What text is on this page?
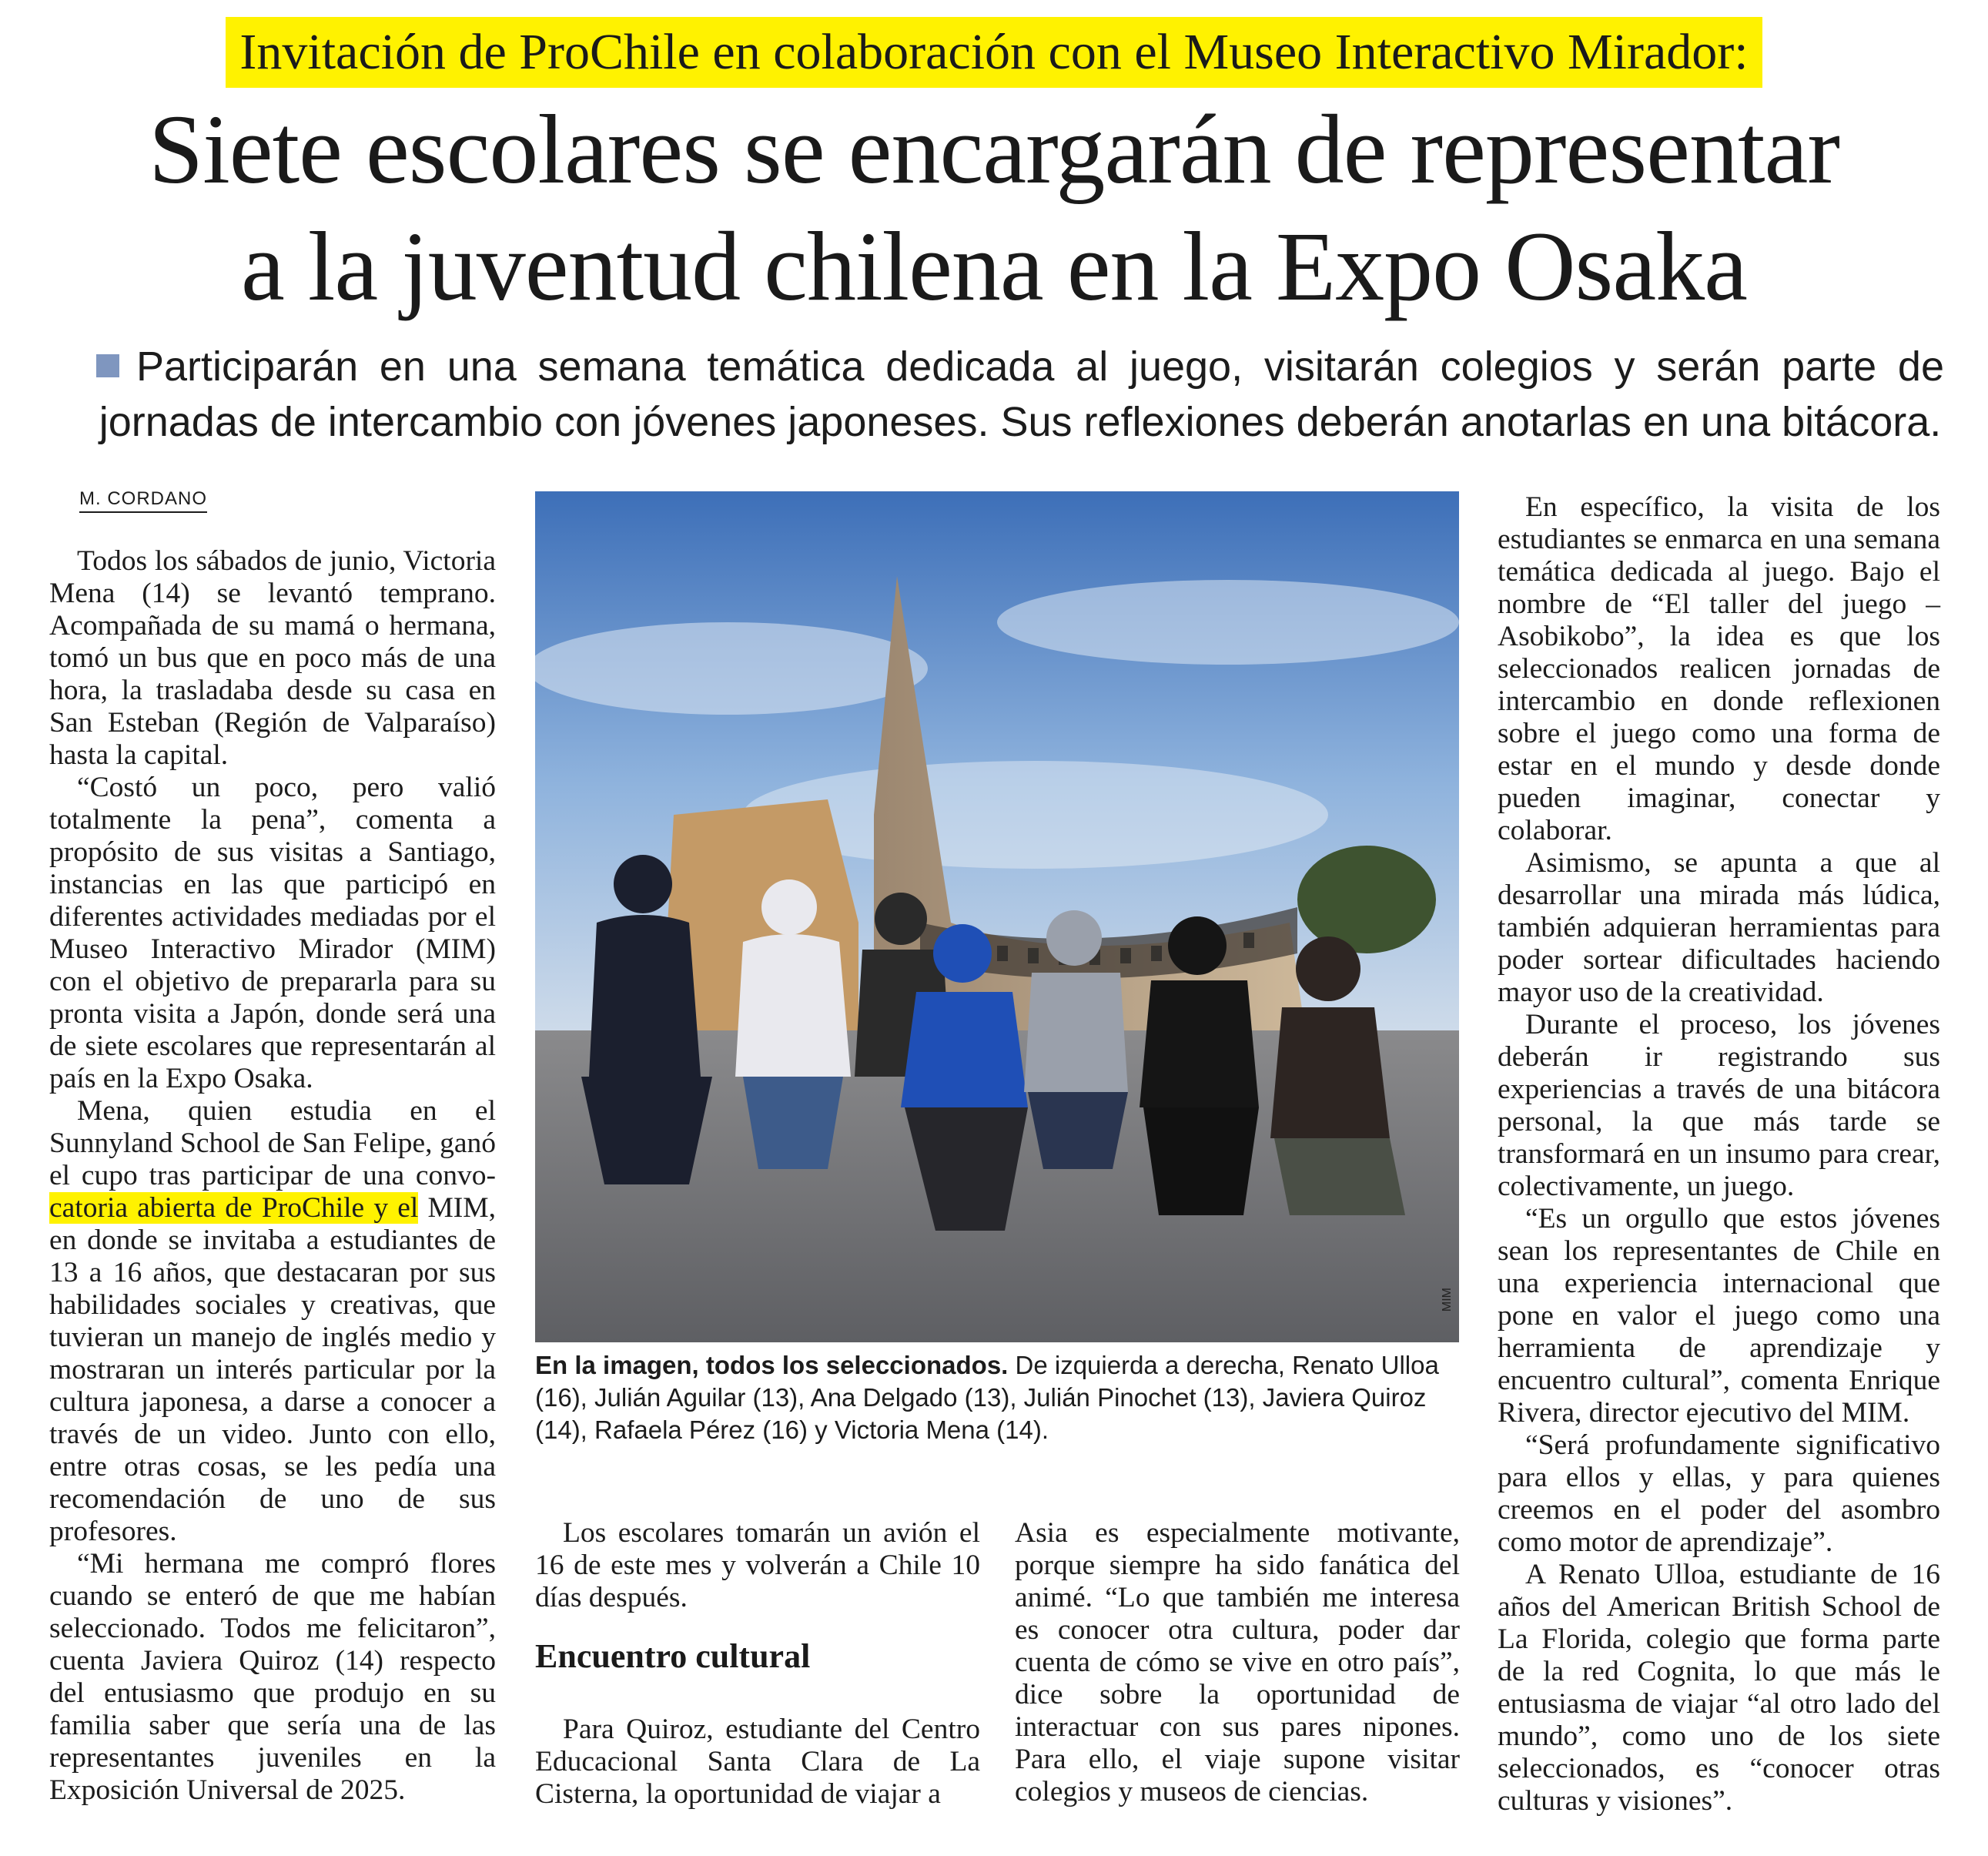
Invitación de ProChile en colaboración con el Museo Interactivo Mirador:
Siete escolares se encargarán de representar
a la juventud chilena en la Expo Osaka

Participarán en una semana temática dedicada al juego, visitarán colegios y serán parte de jornadas de intercambio con jóvenes japoneses. Sus reflexiones deberán anotarlas en una bitácora.

M. CORDANO

Todos los sábados de junio, Victoria Mena (14) se levantó temprano. Acompañada de su mamá o hermana, tomó un bus que en poco más de una hora, la trasladaba desde su casa en San Esteban (Región de Valparaíso) hasta la capital.

“Costó un poco, pero valió totalmente la pena”, comenta a propósito de sus visitas a Santiago, instancias en las que participó en diferentes actividades mediadas por el Museo Interactivo Mirador (MIM) con el objetivo de prepararla para su pronta visita a Japón, donde será una de siete escolares que representarán al país en la Expo Osaka.

Mena, quien estudia en el Sunnyland School de San Felipe, ganó el cupo tras participar de una convo- catoria abierta de ProChile y el MIM, en donde se invitaba a estudiantes de 13 a 16 años, que destacaran por sus habilidades sociales y creativas, que tuvieran un manejo de inglés medio y mostraran un interés particular por la cultura japonesa, a darse a conocer a través de un video. Junto con ello, entre otras cosas, se les pedía una recomendación de uno de sus profesores.

“Mi hermana me compró flores cuando se enteró de que me habían seleccionado. Todos me felicitaron”, cuenta Javiera Quiroz (14) respecto del entusiasmo que produjo en su familia saber que sería una de las representantes juveniles en la Exposición Universal de 2025.

MIM

En la imagen, todos los seleccionados. De izquierda a derecha, Renato Ulloa (16), Julián Aguilar (13), Ana Delgado (13), Julián Pinochet (13), Javiera Quiroz (14), Rafaela Pérez (16) y Victoria Mena (14).

Los escolares tomarán un avión el 16 de este mes y volverán a Chile 10 días después.

Encuentro cultural

Para Quiroz, estudiante del Centro Educacional Santa Clara de La Cisterna, la oportunidad de viajar a

Asia es especialmente motivante, porque siempre ha sido fanática del animé. “Lo que también me interesa es conocer otra cultura, poder dar cuenta de cómo se vive en otro país”, dice sobre la oportunidad de interactuar con sus pares nipones. Para ello, el viaje supone visitar colegios y museos de ciencias.

En específico, la visita de los estudiantes se enmarca en una semana temática dedicada al juego. Bajo el nombre de “El taller del juego – Asobikobo”, la idea es que los seleccionados realicen jornadas de intercambio en donde reflexionen sobre el juego como una forma de estar en el mundo y desde donde pueden imaginar, conectar y colaborar.

Asimismo, se apunta a que al desarrollar una mirada más lúdica, también adquieran herramientas para poder sortear dificultades haciendo mayor uso de la creatividad.

Durante el proceso, los jóvenes deberán ir registrando sus experiencias a través de una bitácora personal, la que más tarde se transformará en un insumo para crear, colectivamente, un juego.

“Es un orgullo que estos jóvenes sean los representantes de Chile en una experiencia internacional que pone en valor el juego como una herramienta de aprendizaje y encuentro cultural”, comenta Enrique Rivera, director ejecutivo del MIM.

“Será profundamente significativo para ellos y ellas, y para quienes creemos en el poder del asombro como motor de aprendizaje”.

A Renato Ulloa, estudiante de 16 años del American British School de La Florida, colegio que forma parte de la red Cognita, lo que más le entusiasma de viajar “al otro lado del mundo”, como uno de los siete seleccionados, es “conocer otras culturas y visiones”.
